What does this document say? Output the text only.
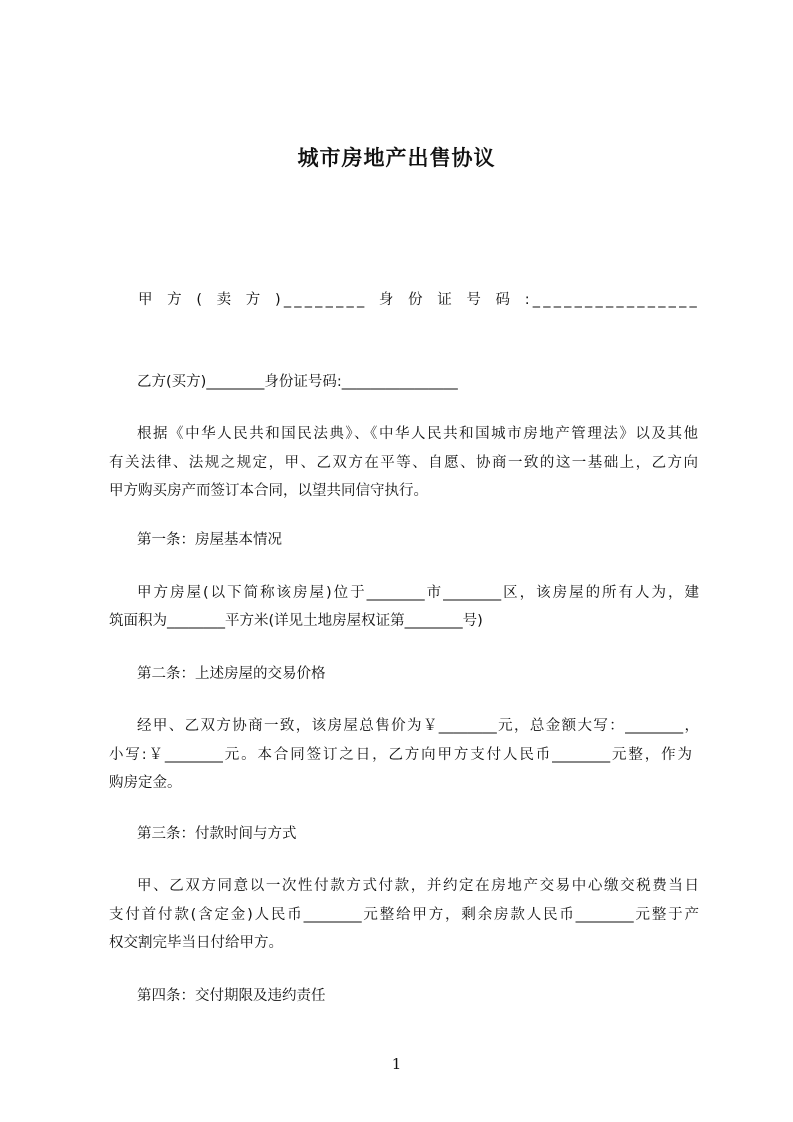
城市房地产出售协议
甲方(卖方)________身份证号码:________________
乙方(买方)________身份证号码:________________
根据《中华人民共和国民法典》、《中华人民共和国城市房地产管理法》以及其他
有关法律、法规之规定，甲、乙双方在平等、自愿、协商一致的这一基础上，乙方向
甲方购买房产而签订本合同，以望共同信守执行。
第一条：房屋基本情况
甲方房屋(以下简称该房屋)位于________市________区，该房屋的所有人为，建
筑面积为________平方米(详见土地房屋权证第________号)
第二条：上述房屋的交易价格
经甲、乙双方协商一致，该房屋总售价为￥________元，总金额大写：________，
小写:￥________元。本合同签订之日，乙方向甲方支付人民币________元整，作为
购房定金。
第三条：付款时间与方式
甲、乙双方同意以一次性付款方式付款，并约定在房地产交易中心缴交税费当日
支付首付款(含定金)人民币________元整给甲方，剩余房款人民币________元整于产
权交割完毕当日付给甲方。
第四条：交付期限及违约责任
1
